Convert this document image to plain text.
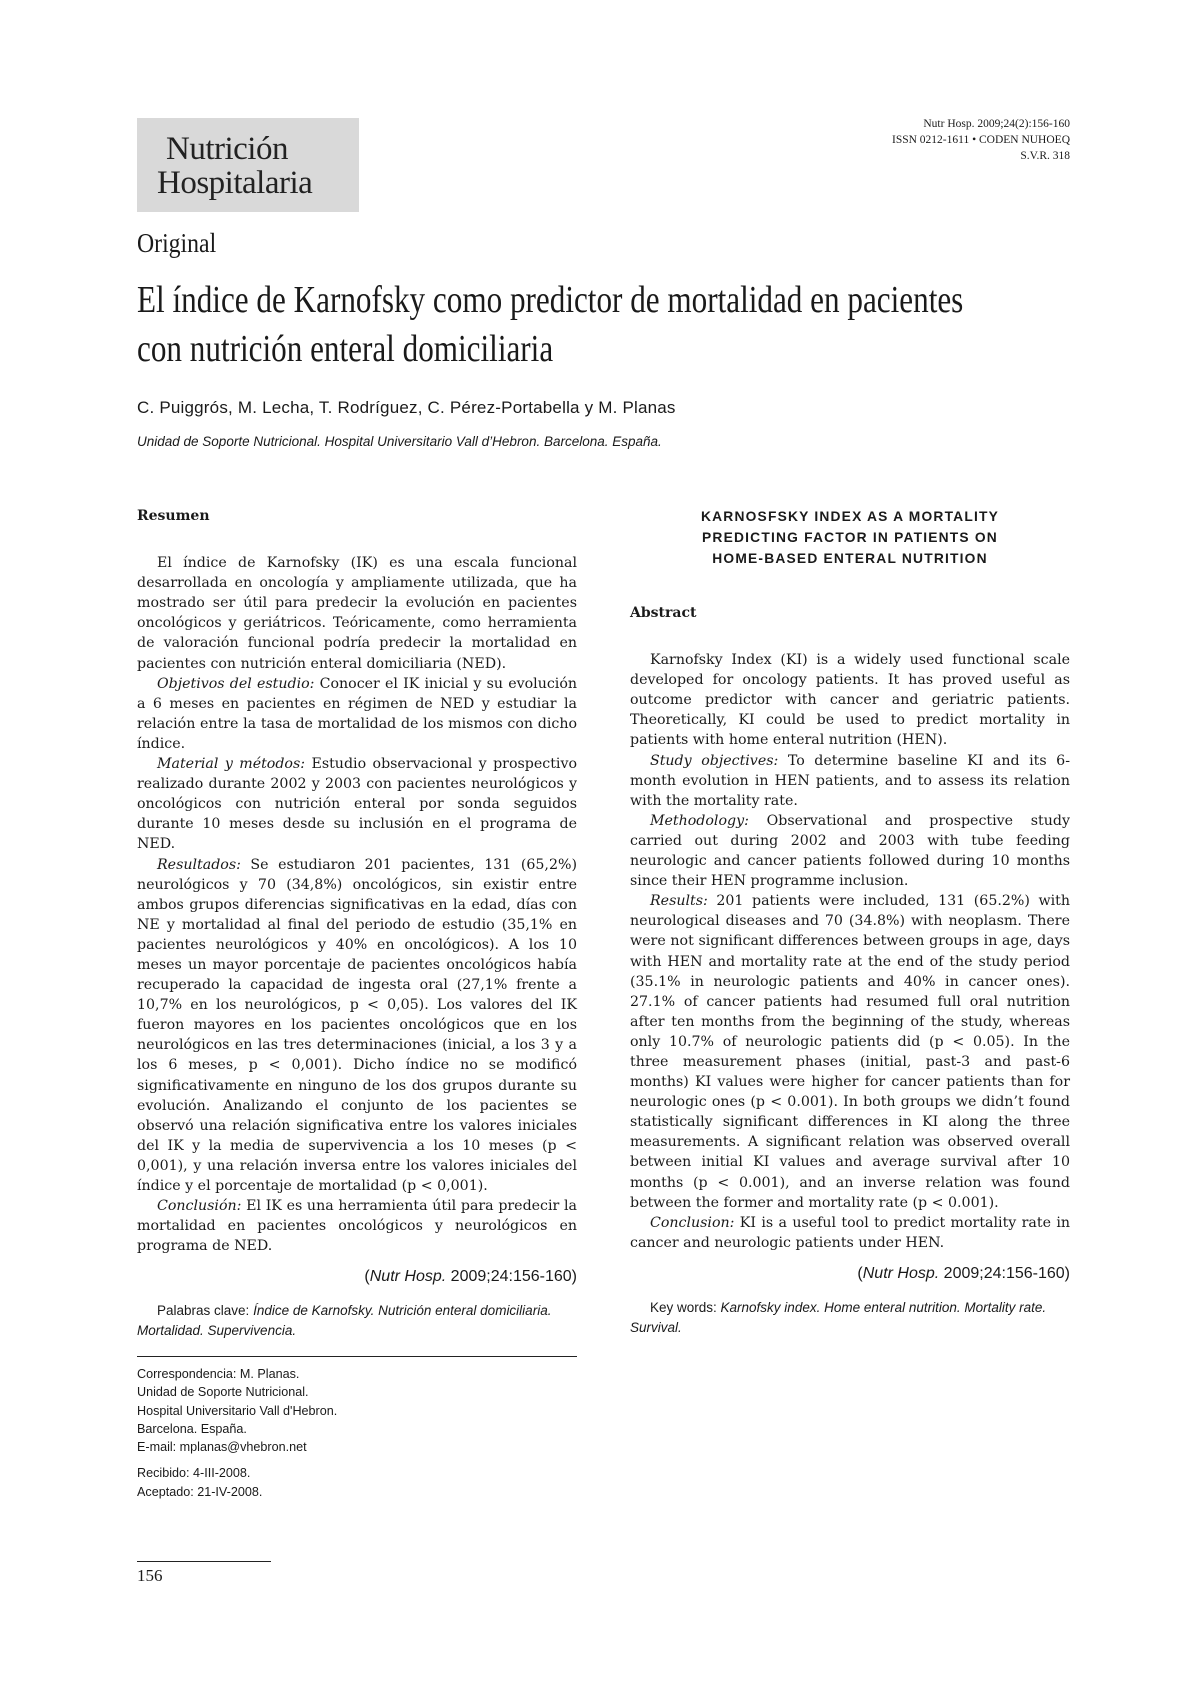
Nutrición
Hospitalaria
Nutr Hosp. 2009;24(2):156-160
ISSN 0212-1611 • CODEN NUHOEQ
S.V.R. 318
Original
El índice de Karnofsky como predictor de mortalidad en pacientes
con nutrición enteral domiciliaria
C. Puiggrós, M. Lecha, T. Rodríguez, C. Pérez-Portabella y M. Planas
Unidad de Soporte Nutricional. Hospital Universitario Vall d’Hebron. Barcelona. España.
Resumen

El índice de Karnofsky (IK) es una escala funcional desarrollada en oncología y ampliamente utilizada, que ha mostrado ser útil para predecir la evolución en pacientes oncológicos y geriátricos. Teóricamente, como herramienta de valoración funcional podría predecir la mortalidad en pacientes con nutrición enteral domiciliaria (NED).

Objetivos del estudio: Conocer el IK inicial y su evolución a 6 meses en pacientes en régimen de NED y estudiar la relación entre la tasa de mortalidad de los mismos con dicho índice.

Material y métodos: Estudio observacional y prospectivo realizado durante 2002 y 2003 con pacientes neurológicos y oncológicos con nutrición enteral por sonda seguidos durante 10 meses desde su inclusión en el programa de NED.

Resultados: Se estudiaron 201 pacientes, 131 (65,2%) neurológicos y 70 (34,8%) oncológicos, sin existir entre ambos grupos diferencias significativas en la edad, días con NE y mortalidad al final del periodo de estudio (35,1% en pacientes neurológicos y 40% en oncológicos). A los 10 meses un mayor porcentaje de pacientes oncológicos había recuperado la capacidad de ingesta oral (27,1% frente a 10,7% en los neurológicos, p < 0,05). Los valores del IK fueron mayores en los pacientes oncológicos que en los neurológicos en las tres determinaciones (inicial, a los 3 y a los 6 meses, p < 0,001). Dicho índice no se modificó significativamente en ninguno de los dos grupos durante su evolución. Analizando el conjunto de los pacientes se observó una relación significativa entre los valores iniciales del IK y la media de supervivencia a los 10 meses (p < 0,001), y una relación inversa entre los valores iniciales del índice y el porcentaje de mortalidad (p < 0,001).

Conclusión: El IK es una herramienta útil para predecir la mortalidad en pacientes oncológicos y neurológicos en programa de NED.

(Nutr Hosp. 2009;24:156-160)
Palabras clave: Índice de Karnofsky. Nutrición enteral domiciliaria. Mortalidad. Supervivencia.
KARNOSFSKY INDEX AS A MORTALITY
PREDICTING FACTOR IN PATIENTS ON
HOME-BASED ENTERAL NUTRITION
Abstract

Karnofsky Index (KI) is a widely used functional scale developed for oncology patients. It has proved useful as outcome predictor with cancer and geriatric patients. Theoretically, KI could be used to predict mortality in patients with home enteral nutrition (HEN).

Study objectives: To determine baseline KI and its 6-month evolution in HEN patients, and to assess its relation with the mortality rate.

Methodology: Observational and prospective study carried out during 2002 and 2003 with tube feeding neurologic and cancer patients followed during 10 months since their HEN programme inclusion.

Results: 201 patients were included, 131 (65.2%) with neurological diseases and 70 (34.8%) with neoplasm. There were not significant differences between groups in age, days with HEN and mortality rate at the end of the study period (35.1% in neurologic patients and 40% in cancer ones). 27.1% of cancer patients had resumed full oral nutrition after ten months from the beginning of the study, whereas only 10.7% of neurologic patients did (p < 0.05). In the three measurement phases (initial, past-3 and past-6 months) KI values were higher for cancer patients than for neurologic ones (p < 0.001). In both groups we didn’t found statistically significant differences in KI along the three measurements. A significant relation was observed overall between initial KI values and average survival after 10 months (p < 0.001), and an inverse relation was found between the former and mortality rate (p < 0.001).

Conclusion: KI is a useful tool to predict mortality rate in cancer and neurologic patients under HEN.

(Nutr Hosp. 2009;24:156-160)
Key words: Karnofsky index. Home enteral nutrition. Mortality rate. Survival.
Correspondencia: M. Planas.
Unidad de Soporte Nutricional.
Hospital Universitario Vall d'Hebron.
Barcelona. España.
E-mail: mplanas@vhebron.net
Recibido: 4-III-2008.
Aceptado: 21-IV-2008.
156
